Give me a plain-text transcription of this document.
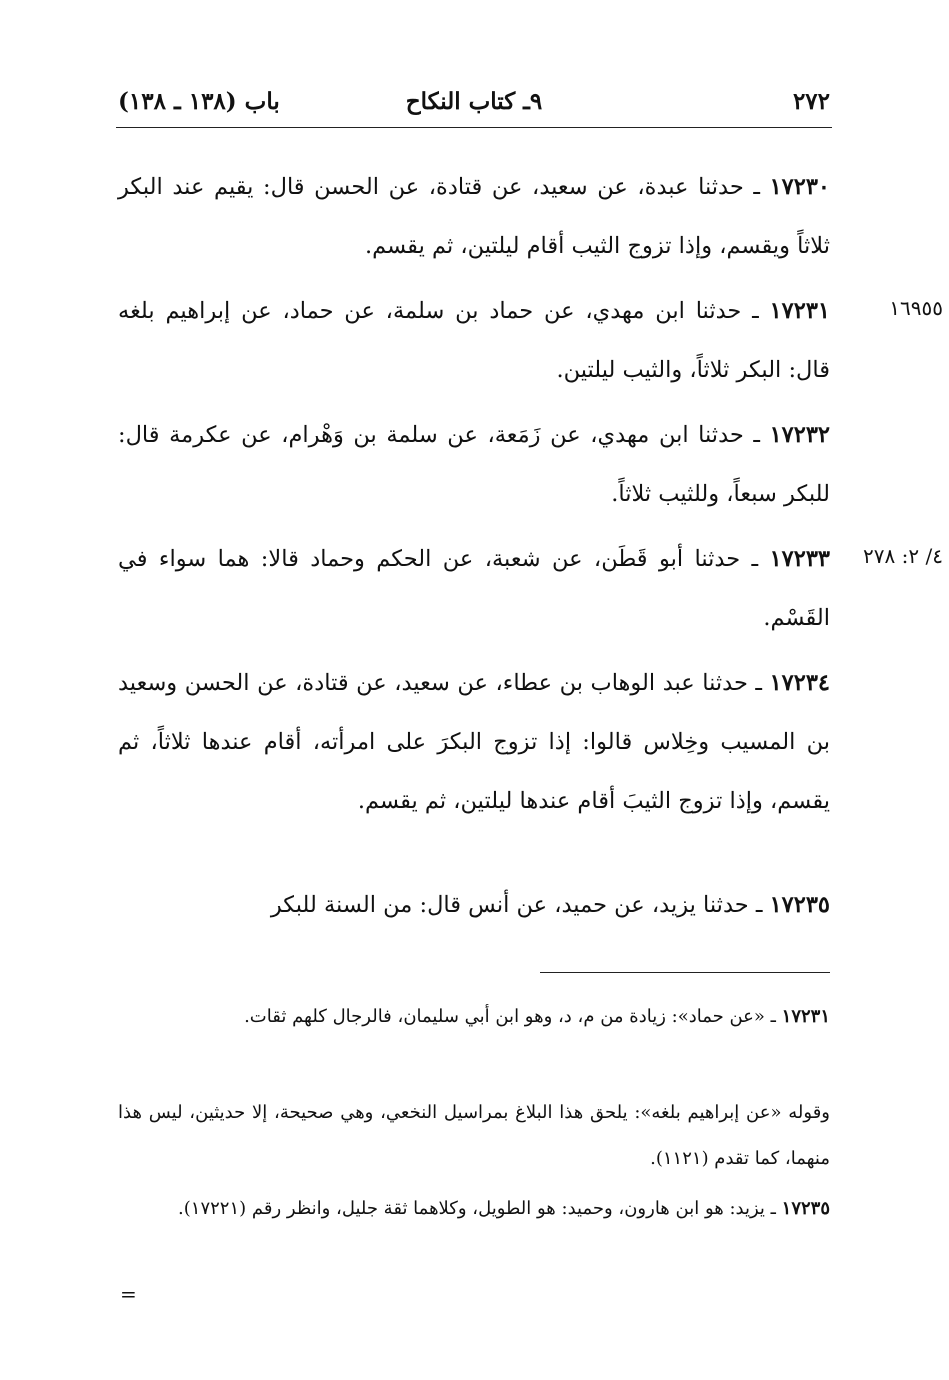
٢٧٢
٩ـ كتاب النكاح
باب (١٣٨ ـ ١٣٨)
١٧٢٣٠ ـ حدثنا عبدة، عن سعيد، عن قتادة، عن الحسن قال: يقيم عند البكر ثلاثاً ويقسم، وإذا تزوج الثيب أقام ليلتين، ثم يقسم.
١٦٩٥٥
١٧٢٣١ ـ حدثنا ابن مهدي، عن حماد بن سلمة، عن حماد، عن إبراهيم بلغه قال: البكر ثلاثاً، والثيب ليلتين.
١٧٢٣٢ ـ حدثنا ابن مهدي، عن زَمَعة، عن سلمة بن وَهْرام، عن عكرمة قال: للبكر سبعاً، وللثيب ثلاثاً.
٤/ ٢: ٢٧٨
١٧٢٣٣ ـ حدثنا أبو قَطَن، عن شعبة، عن الحكم وحماد قالا: هما سواء في القَسْم.
١٧٢٣٤ ـ حدثنا عبد الوهاب بن عطاء، عن سعيد، عن قتادة، عن الحسن وسعيد بن المسيب وخِلاس قالوا: إذا تزوج البكرَ على امرأته، أقام عندها ثلاثاً، ثم يقسم، وإذا تزوج الثيبَ أقام عندها ليلتين، ثم يقسم.
١٧٢٣٥ ـ حدثنا يزيد، عن حميد، عن أنس قال: من السنة للبكر
١٧٢٣١ ـ «عن حماد»: زيادة من م، د، وهو ابن أبي سليمان، فالرجال كلهم ثقات.
وقوله «عن إبراهيم بلغه»: يلحق هذا البلاغ بمراسيل النخعي، وهي صحيحة، إلا حديثين، ليس هذا منهما، كما تقدم (١١٢١).
١٧٢٣٥ ـ يزيد: هو ابن هارون، وحميد: هو الطويل، وكلاهما ثقة جليل، وانظر رقم (١٧٢٢١).
=
